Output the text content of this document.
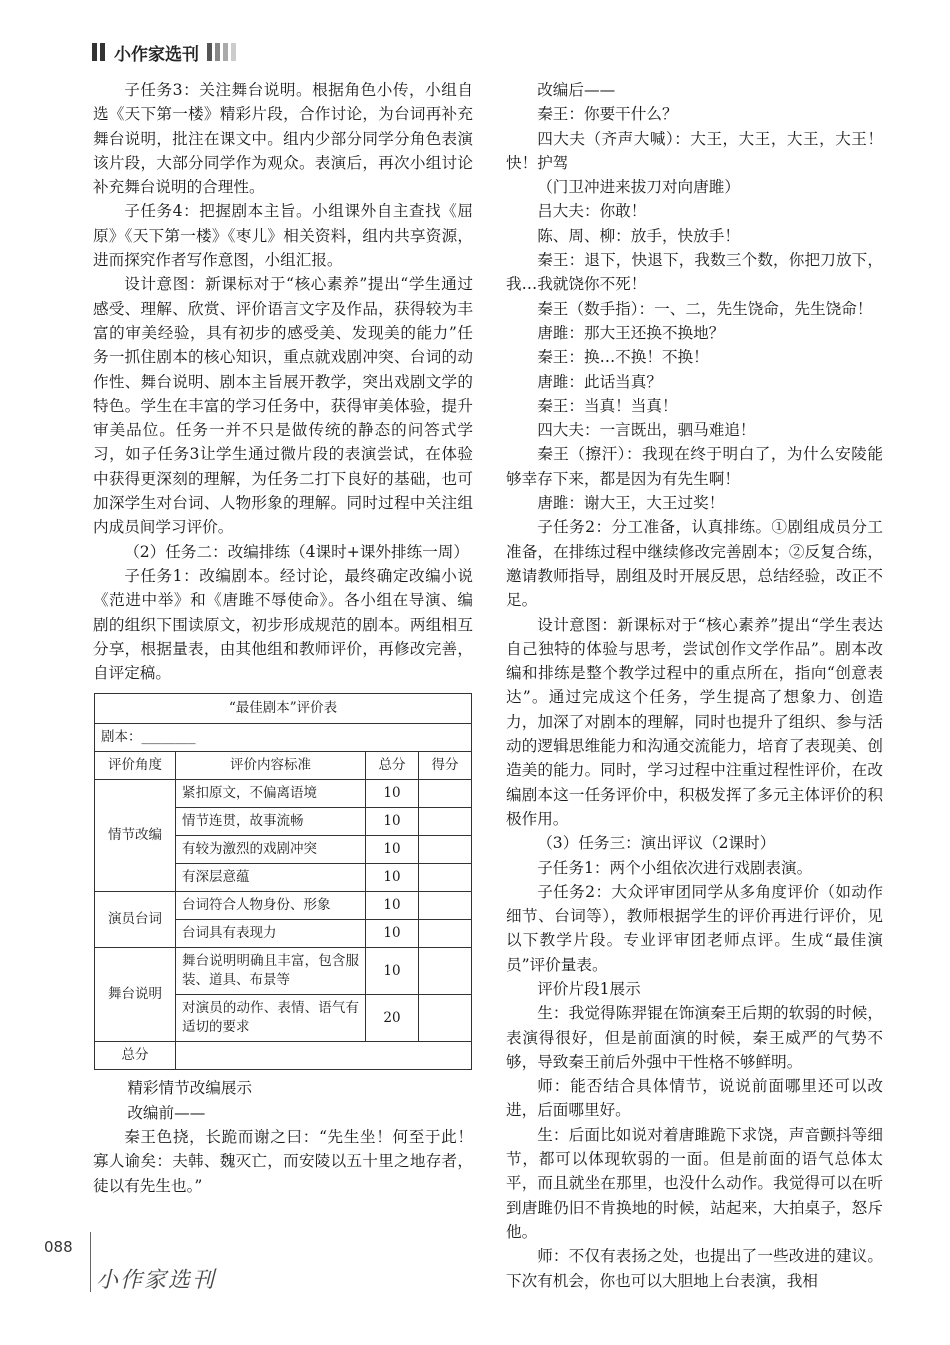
小作家选刊

子任务3：关注舞台说明。根据角色小传，小组自选《天下第一楼》精彩片段，合作讨论，为台词再补充舞台说明，批注在课文中。组内少部分同学分角色表演该片段，大部分同学作为观众。表演后，再次小组讨论补充舞台说明的合理性。

子任务4：把握剧本主旨。小组课外自主查找《屈原》《天下第一楼》《枣儿》相关资料，组内共享资源，进而探究作者写作意图，小组汇报。

设计意图：新课标对于“核心素养”提出“学生通过感受、理解、欣赏、评价语言文字及作品，获得较为丰富的审美经验，具有初步的感受美、发现美的能力”任务一抓住剧本的核心知识，重点就戏剧冲突、台词的动作性、舞台说明、剧本主旨展开教学，突出戏剧文学的特色。学生在丰富的学习任务中，获得审美体验，提升审美品位。任务一并不只是做传统的静态的问答式学习，如子任务3让学生通过微片段的表演尝试，在体验中获得更深刻的理解，为任务二打下良好的基础，也可加深学生对台词、人物形象的理解。同时过程中关注组内成员间学习评价。

（2）任务二：改编排练（4课时+课外排练一周）

子任务1：改编剧本。经讨论，最终确定改编小说《范进中举》和《唐雎不辱使命》。各小组在导演、编剧的组织下围读原文，初步形成规范的剧本。两组相互分享，根据量表，由其他组和教师评价，再修改完善，自评定稿。

“最佳剧本”评价表			
剧本：________			
评价角度	评价内容标准	总分	得分
情节改编	紧扣原文，不偏离语境	10	
	情节连贯，故事流畅	10	
	有较为激烈的戏剧冲突	10	
	有深层意蕴	10	
演员台词	台词符合人物身份、形象	10	
	台词具有表现力	10	
舞台说明	舞台说明明确且丰富，包含服装、道具、布景等	10	
	对演员的动作、表情、语气有适切的要求	20	
总分			

精彩情节改编展示

改编前——

秦王色挠，长跪而谢之曰：“先生坐！何至于此！寡人谕矣：夫韩、魏灭亡，而安陵以五十里之地存者，徒以有先生也。”

改编后——

秦王：你要干什么？

四大夫（齐声大喊）：大王，大王，大王，大王！快！护驾

（门卫冲进来拔刀对向唐雎）

吕大夫：你敢！

陈、周、柳：放手，快放手！

秦王：退下，快退下，我数三个数，你把刀放下，我…我就饶你不死！

秦王（数手指）：一、二，先生饶命，先生饶命！

唐雎：那大王还换不换地？

秦王：换…不换！不换！

唐雎：此话当真？

秦王：当真！当真！

四大夫：一言既出，驷马难追！

秦王（擦汗）：我现在终于明白了，为什么安陵能够幸存下来，都是因为有先生啊！

唐雎：谢大王，大王过奖！

子任务2：分工准备，认真排练。①剧组成员分工准备，在排练过程中继续修改完善剧本；②反复合练，邀请教师指导，剧组及时开展反思，总结经验，改正不足。

设计意图：新课标对于“核心素养”提出“学生表达自己独特的体验与思考，尝试创作文学作品”。剧本改编和排练是整个教学过程中的重点所在，指向“创意表达”。通过完成这个任务，学生提高了想象力、创造力，加深了对剧本的理解，同时也提升了组织、参与活动的逻辑思维能力和沟通交流能力，培育了表现美、创造美的能力。同时，学习过程中注重过程性评价，在改编剧本这一任务评价中，积极发挥了多元主体评价的积极作用。

（3）任务三：演出评议（2课时）

子任务1：两个小组依次进行戏剧表演。

子任务2：大众评审团同学从多角度评价（如动作细节、台词等），教师根据学生的评价再进行评价，见以下教学片段。专业评审团老师点评。生成“最佳演员”评价量表。

评价片段1展示

生：我觉得陈羿锟在饰演秦王后期的软弱的时候，表演得很好，但是前面演的时候，秦王威严的气势不够，导致秦王前后外强中干性格不够鲜明。

师：能否结合具体情节，说说前面哪里还可以改进，后面哪里好。

生：后面比如说对着唐雎跪下求饶，声音颤抖等细节，都可以体现软弱的一面。但是前面的语气总体太平，而且就坐在那里，也没什么动作。我觉得可以在听到唐雎仍旧不肯换地的时候，站起来，大拍桌子，怒斥他。

师：不仅有表扬之处，也提出了一些改进的建议。下次有机会，你也可以大胆地上台表演，我相

088
小作家选刊
